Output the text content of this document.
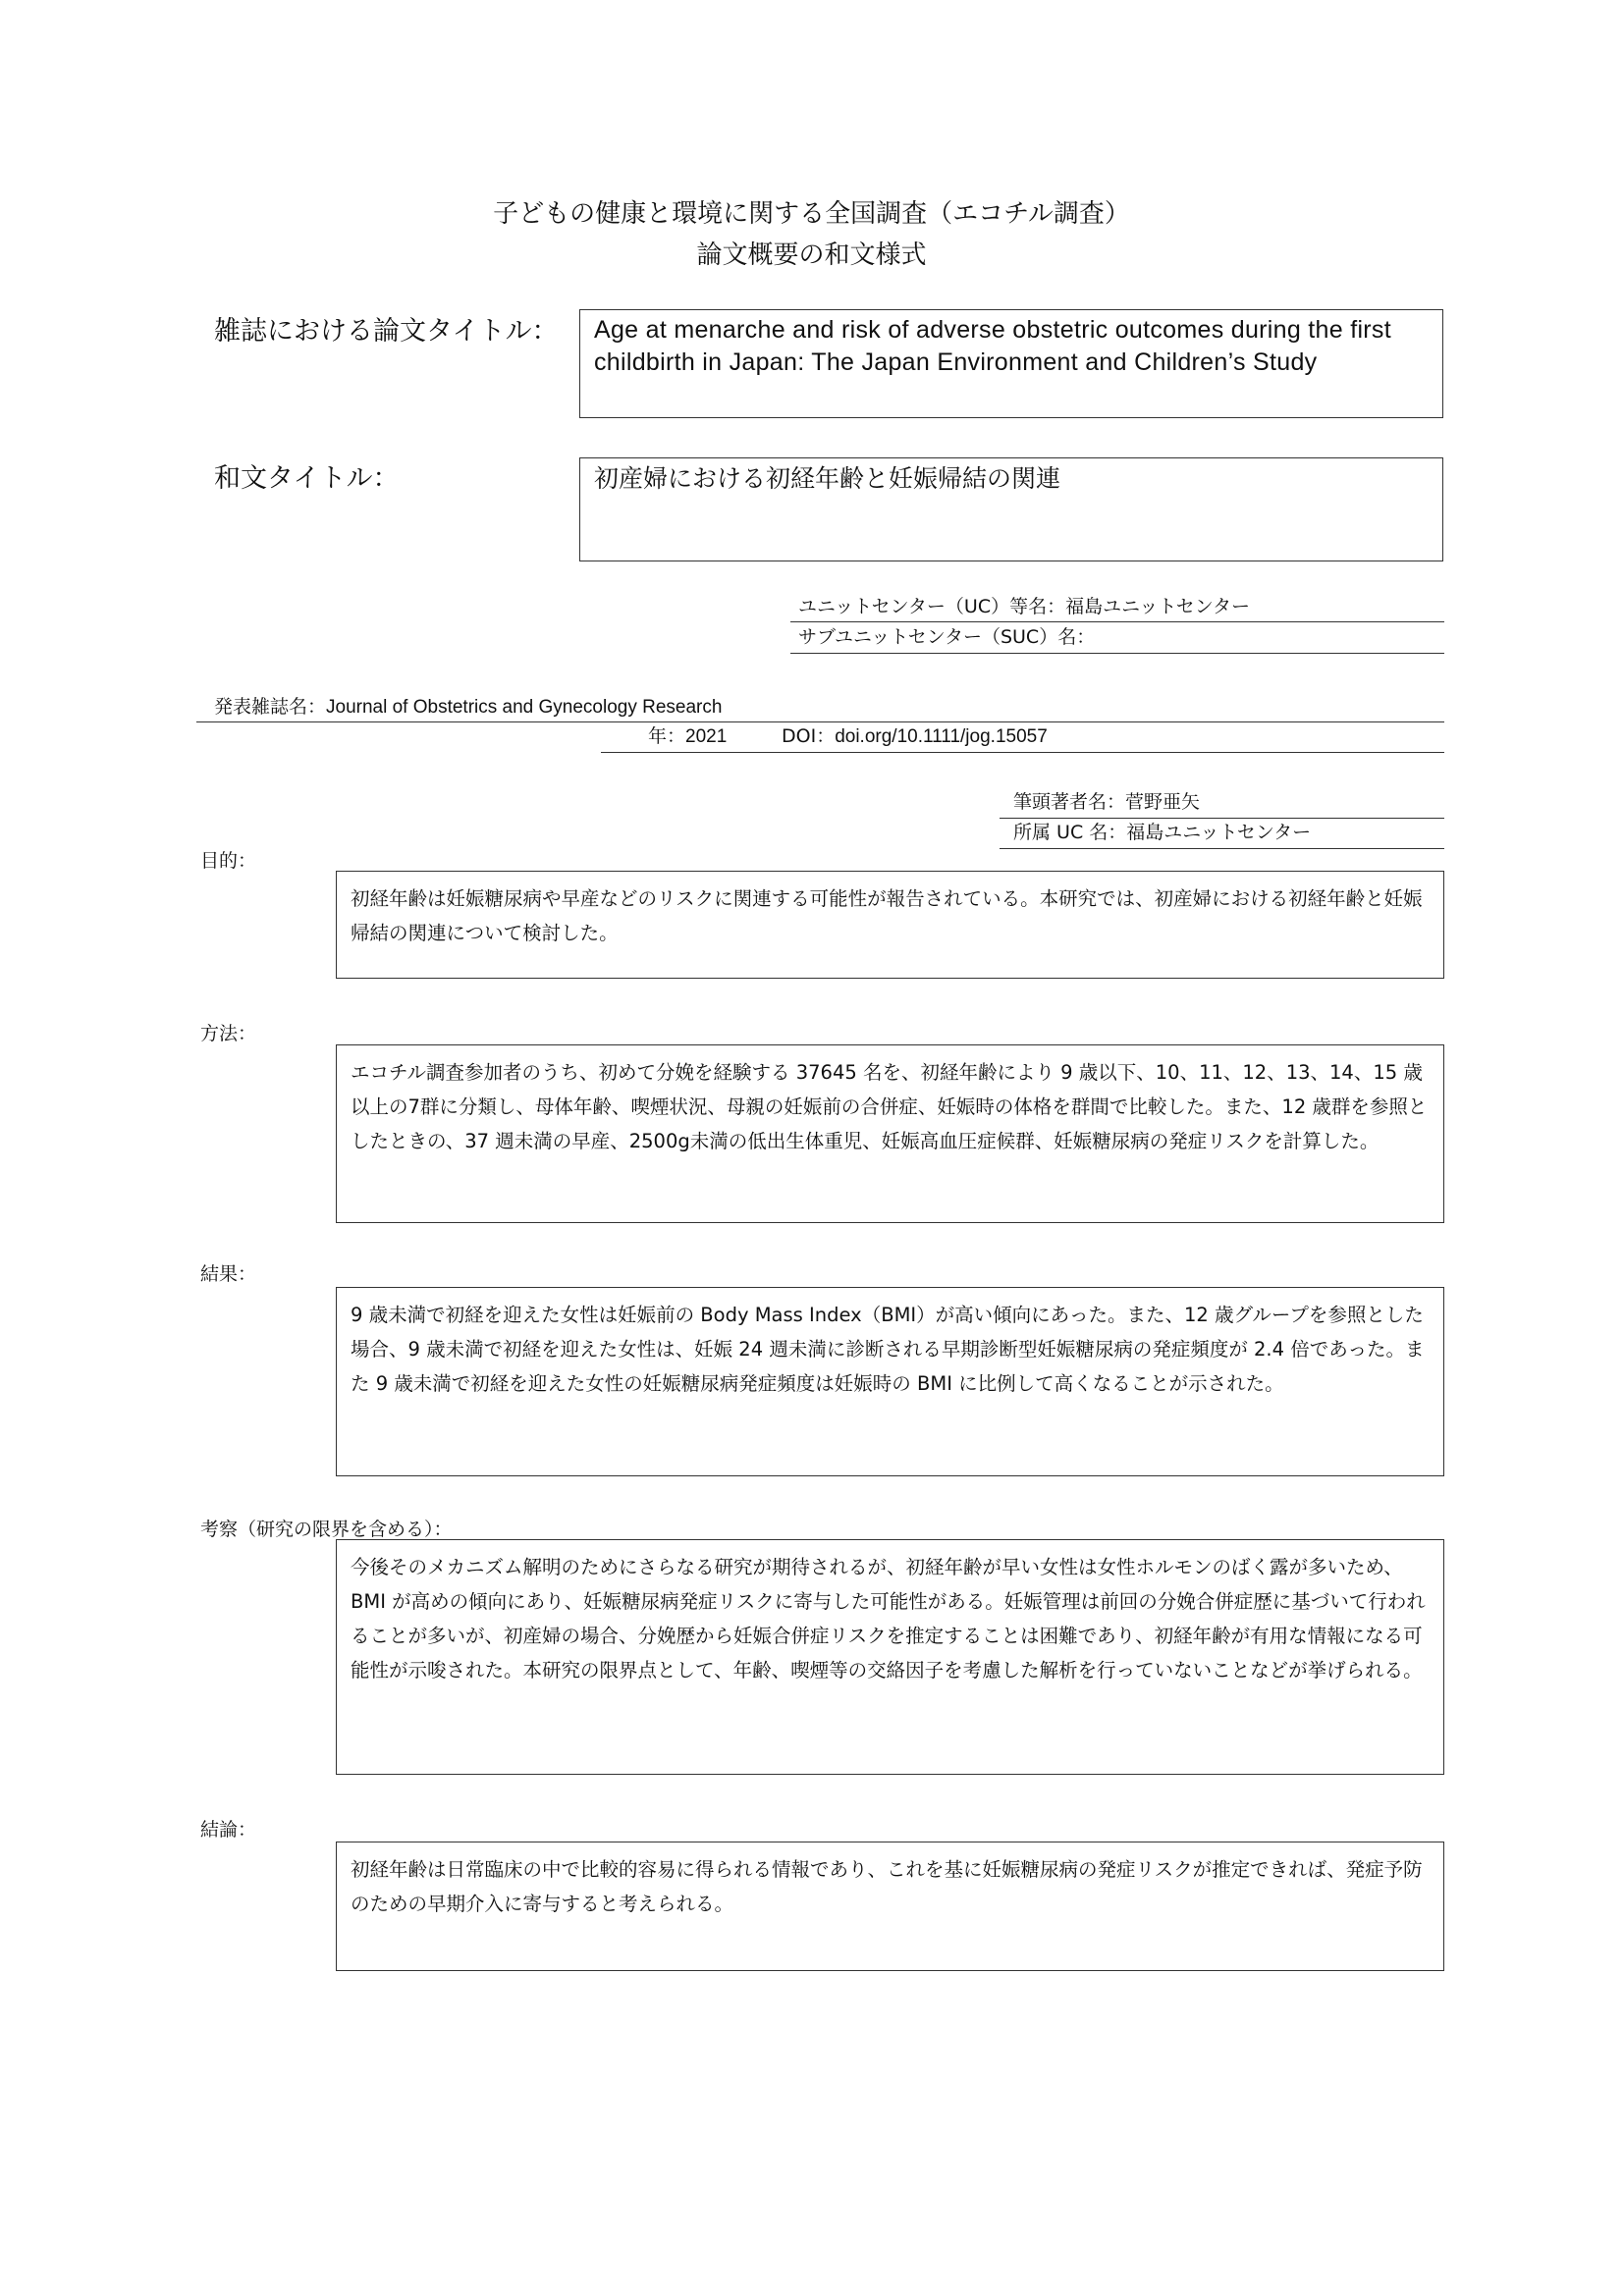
子どもの健康と環境に関する全国調査（エコチル調査）
論文概要の和文様式
雑誌における論文タイトル：	Age at menarche and risk of adverse obstetric outcomes during the first childbirth in Japan: The Japan Environment and Children’s Study
和文タイトル：	初産婦における初経年齢と妊娠帰結の関連
ユニットセンター（UC）等名：福島ユニットセンター
サブユニットセンター（SUC）名：
発表雑誌名：Journal of Obstetrics and Gynecology Research
年：2021	DOI：doi.org/10.1111/jog.15057
筆頭著者名：菅野亜矢
所属 UC 名：福島ユニットセンター
目的：
初経年齢は妊娠糖尿病や早産などのリスクに関連する可能性が報告されている。本研究では、初産婦における初経年齢と妊娠帰結の関連について検討した。
方法：
エコチル調査参加者のうち、初めて分娩を経験する 37645 名を、初経年齢により 9 歳以下、10、11、12、13、14、15 歳以上の7群に分類し、母体年齢、喫煙状況、母親の妊娠前の合併症、妊娠時の体格を群間で比較した。また、12 歳群を参照としたときの、37 週未満の早産、2500g未満の低出生体重児、妊娠高血圧症候群、妊娠糖尿病の発症リスクを計算した。
結果：
9 歳未満で初経を迎えた女性は妊娠前の Body Mass Index（BMI）が高い傾向にあった。また、12 歳グループを参照とした場合、9 歳未満で初経を迎えた女性は、妊娠 24 週未満に診断される早期診断型妊娠糖尿病の発症頻度が 2.4 倍であった。また 9 歳未満で初経を迎えた女性の妊娠糖尿病発症頻度は妊娠時の BMI に比例して高くなることが示された。
考察（研究の限界を含める）：
今後そのメカニズム解明のためにさらなる研究が期待されるが、初経年齢が早い女性は女性ホルモンのばく露が多いため、BMI が高めの傾向にあり、妊娠糖尿病発症リスクに寄与した可能性がある。妊娠管理は前回の分娩合併症歴に基づいて行われることが多いが、初産婦の場合、分娩歴から妊娠合併症リスクを推定することは困難であり、初経年齢が有用な情報になる可能性が示唆された。本研究の限界点として、年齢、喫煙等の交絡因子を考慮した解析を行っていないことなどが挙げられる。
結論：
初経年齢は日常臨床の中で比較的容易に得られる情報であり、これを基に妊娠糖尿病の発症リスクが推定できれば、発症予防のための早期介入に寄与すると考えられる。
